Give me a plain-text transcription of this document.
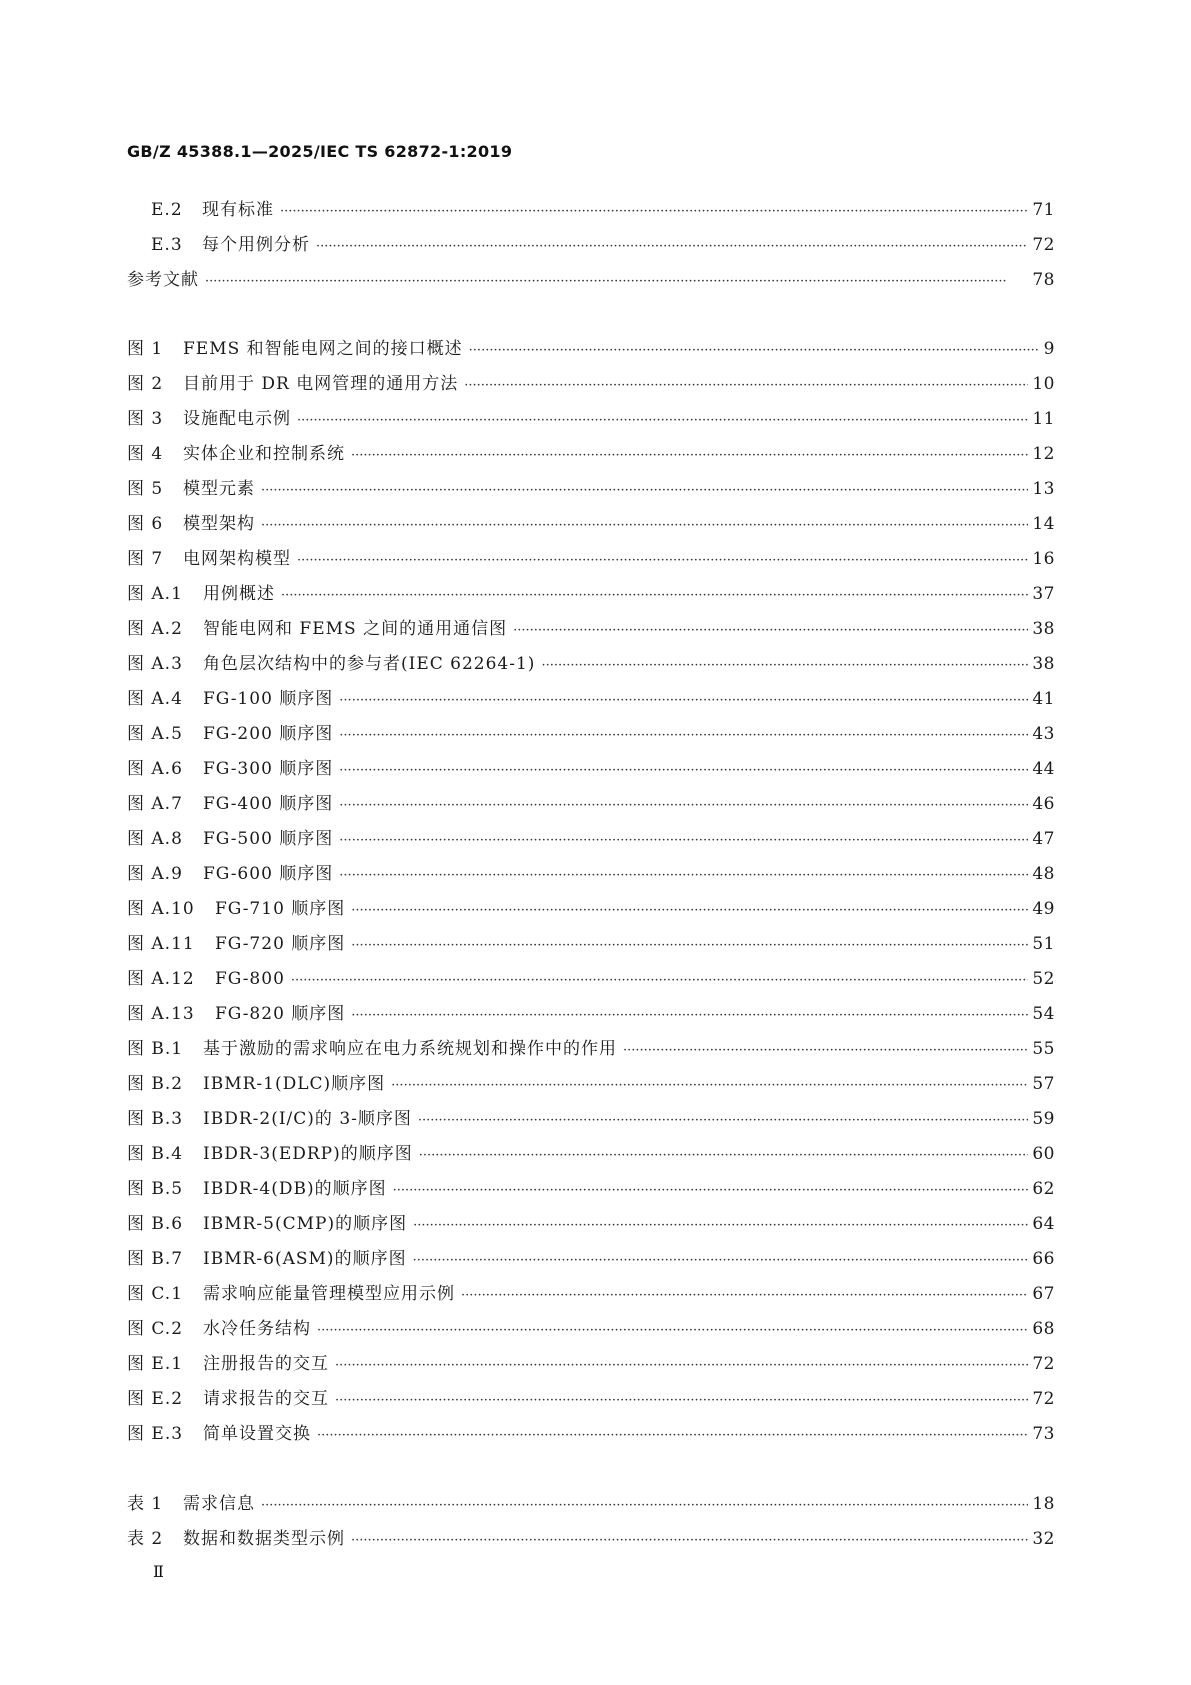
GB/Z 45388.1—2025/IEC TS 62872-1:2019
E.2	现有标准 ·····	71
E.3	每个用例分析 ·····	72
参考文献 ·····	78
图 1	FEMS 和智能电网之间的接口概述 ·····	9
图 2	目前用于 DR 电网管理的通用方法 ·····	10
图 3	设施配电示例 ·····	11
图 4	实体企业和控制系统 ·····	12
图 5	模型元素 ·····	13
图 6	模型架构 ·····	14
图 7	电网架构模型 ·····	16
图 A.1	用例概述 ·····	37
图 A.2	智能电网和 FEMS 之间的通用通信图 ·····	38
图 A.3	角色层次结构中的参与者(IEC 62264-1) ·····	38
图 A.4	FG-100 顺序图 ·····	41
图 A.5	FG-200 顺序图 ·····	43
图 A.6	FG-300 顺序图 ·····	44
图 A.7	FG-400 顺序图 ·····	46
图 A.8	FG-500 顺序图 ·····	47
图 A.9	FG-600 顺序图 ·····	48
图 A.10	FG-710 顺序图 ·····	49
图 A.11	FG-720 顺序图 ·····	51
图 A.12	FG-800 ·····	52
图 A.13	FG-820 顺序图 ·····	54
图 B.1	基于激励的需求响应在电力系统规划和操作中的作用 ·····	55
图 B.2	IBMR-1(DLC)顺序图 ·····	57
图 B.3	IBDR-2(I/C)的 3-顺序图 ·····	59
图 B.4	IBDR-3(EDRP)的顺序图 ·····	60
图 B.5	IBDR-4(DB)的顺序图 ·····	62
图 B.6	IBMR-5(CMP)的顺序图 ·····	64
图 B.7	IBMR-6(ASM)的顺序图 ·····	66
图 C.1	需求响应能量管理模型应用示例 ·····	67
图 C.2	水冷任务结构 ·····	68
图 E.1	注册报告的交互 ·····	72
图 E.2	请求报告的交互 ·····	72
图 E.3	简单设置交换 ·····	73
表 1	需求信息 ·····	18
表 2	数据和数据类型示例 ·····	32
Ⅱ
